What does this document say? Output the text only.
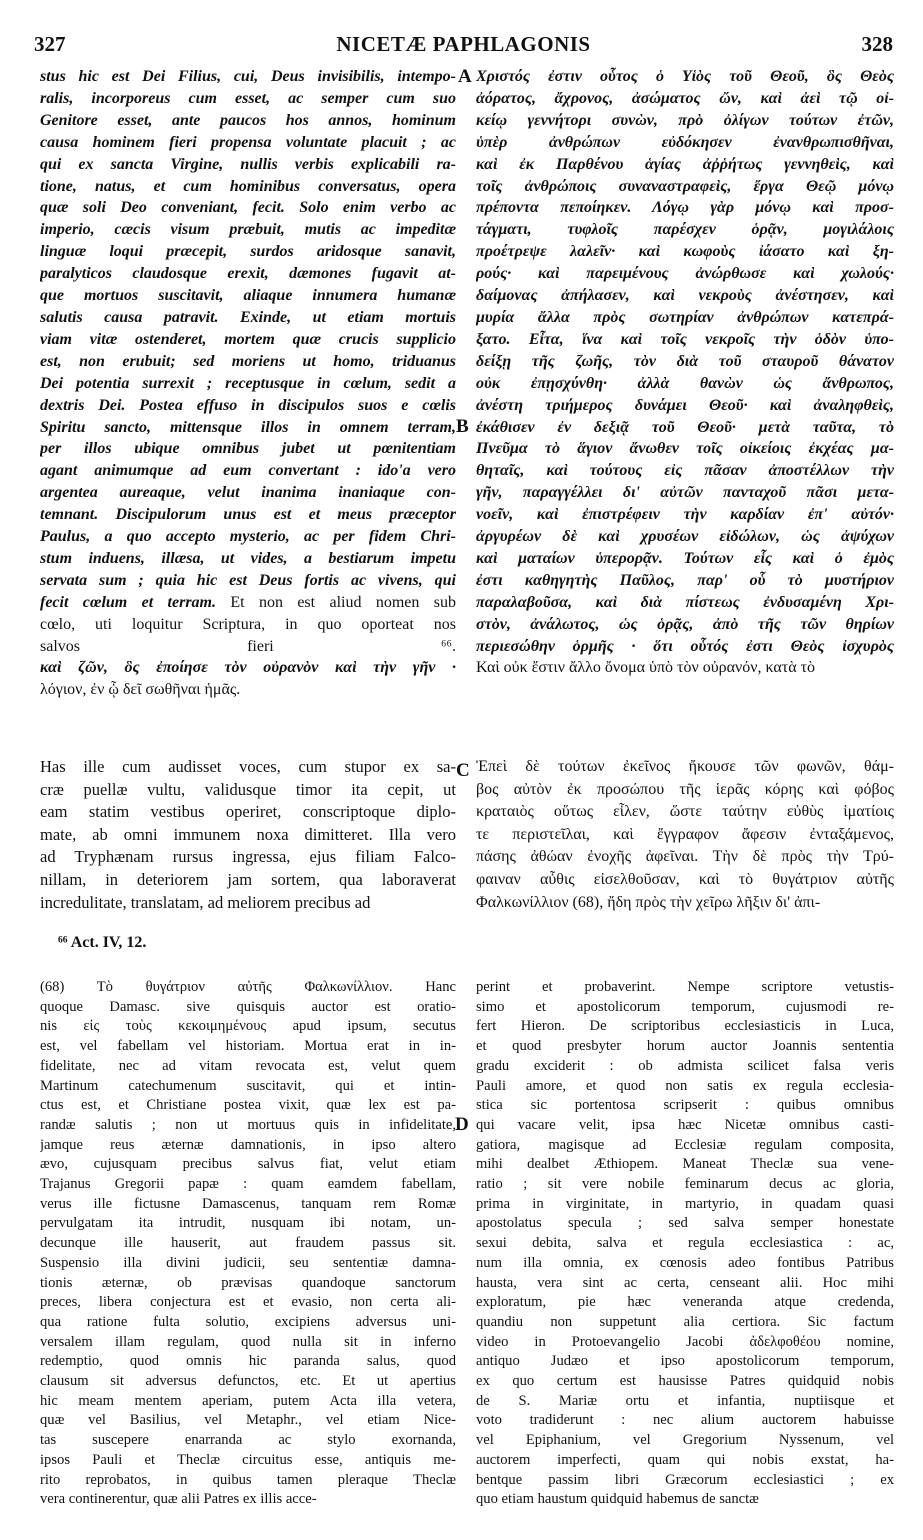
327	NICETÆ PAPHLAGONIS	328
A
B
C
D
stus hic est Dei Filius, cui, Deus invisibilis, intempo-
ralis, incorporeus cum esset, ac semper cum suo
Genitore esset, ante paucos hos annos, hominum
causa hominem fieri propensa voluntate placuit ; ac
qui ex sancta Virgine, nullis verbis explicabili ra-
tione, natus, et cum hominibus conversatus, opera
quæ soli Deo conveniant, fecit. Solo enim verbo ac
imperio, cæcis visum præbuit, mutis ac impeditæ
linguæ loqui præcepit, surdos aridosque sanavit,
paralyticos claudosque erexit, dæmones fugavit at-
que mortuos suscitavit, aliaque innumera humanæ
salutis causa patravit. Exinde, ut etiam mortuis
viam vitæ ostenderet, mortem quæ crucis supplicio
est, non erubuit; sed moriens ut homo, triduanus
Dei potentia surrexit ; receptusque in cœlum, sedit a
dextris Dei. Postea effuso in discipulos suos e cœlis
Spiritu sancto, mittensque illos in omnem terram,
per illos ubique omnibus jubet ut pœnitentiam
agant animumque ad eum convertant : ido'a vero
argentea aureaque, velut inanima inaniaque con-
temnant. Discipulorum unus est et meus præceptor
Paulus, a quo accepto mysterio, ac per fidem Chri-
stum induens, illæsa, ut vides, a bestiarum impetu
servata sum ; quia hic est Deus fortis ac vivens, qui
fecit cœlum et terram. Et non est aliud nomen sub
cœlo, uti loquitur Scriptura, in quo oporteat nos
salvos fieri ⁶⁶.
καὶ ζῶν, ὃς ἐποίησε τὸν οὐρανὸν καὶ τὴν γῆν ·
λόγιον, ἐν ᾧ δεῖ σωθῆναι ἡμᾶς.
Χριστός ἐστιν οὗτος ὁ Υἱὸς τοῦ Θεοῦ, ὃς Θεὸς
ἀόρατος, ἄχρονος, ἀσώματος ὤν, καὶ ἀεὶ τῷ οἰ-
κείῳ γεννήτορι συνὼν, πρὸ ὀλίγων τούτων ἐτῶν,
ὑπὲρ ἀνθρώπων εὐδόκησεν ἐνανθρωπισθῆναι,
καὶ ἐκ Παρθένου ἁγίας ἀῤῥήτως γεννηθεὶς, καὶ
τοῖς ἀνθρώποις συναναστραφεὶς, ἔργα Θεῷ μόνῳ
πρέποντα πεποίηκεν. Λόγῳ γὰρ μόνῳ καὶ προσ-
τάγματι, τυφλοῖς παρέσχεν ὁρᾷν, μογιλάλοις
προέτρεψε λαλεῖν· καὶ κωφοὺς ἰάσατο καὶ ξη-
ρούς· καὶ παρειμένους ἀνώρθωσε καὶ χωλούς·
δαίμονας ἀπήλασεν, καὶ νεκροὺς ἀνέστησεν, καὶ
μυρία ἄλλα πρὸς σωτηρίαν ἀνθρώπων κατεπρά-
ξατο. Εἶτα, ἵνα καὶ τοῖς νεκροῖς τὴν ὁδὸν ὑπο-
δείξῃ τῆς ζωῆς, τὸν διὰ τοῦ σταυροῦ θάνατον
οὐκ ἐπῃσχύνθη· ἀλλὰ θανὼν ὡς ἄνθρωπος,
ἀνέστη τριήμερος δυνάμει Θεοῦ· καὶ ἀναληφθεὶς,
ἐκάθισεν ἐν δεξιᾷ τοῦ Θεοῦ· μετὰ ταῦτα, τὸ
Πνεῦμα τὸ ἅγιον ἄνωθεν τοῖς οἰκείοις ἐκχέας μα-
θηταῖς, καὶ τούτους εἰς πᾶσαν ἀποστέλλων τὴν
γῆν, παραγγέλλει δι' αὐτῶν πανταχοῦ πᾶσι μετα-
νοεῖν, καὶ ἐπιστρέφειν τὴν καρδίαν ἐπ' αὐτόν·
ἀργυρέων δὲ καὶ χρυσέων εἰδώλων, ὡς ἀψύχων
καὶ ματαίων ὑπερορᾷν. Τούτων εἷς καὶ ὁ ἐμὸς
ἐστι καθηγητὴς Παῦλος, παρ' οὗ τὸ μυστήριον
παραλαβοῦσα, καὶ διὰ πίστεως ἐνδυσαμένη Χρι-
στὸν, ἀνάλωτος, ὡς ὁρᾷς, ἀπὸ τῆς τῶν θηρίων
περιεσώθην ὁρμῆς · ὅτι οὗτός ἐστι Θεὸς ἰσχυρὸς
Καὶ οὐκ ἔστιν ἄλλο ὄνομα ὑπὸ τὸν οὐρανόν, κατὰ τὸ
Has ille cum audisset voces, cum stupor ex sa-
cræ puellæ vultu, validusque timor ita cepit, ut
eam statim vestibus operiret, conscriptoque diplo-
mate, ab omni immunem noxa dimitteret. Illa vero
ad Tryphænam rursus ingressa, ejus filiam Falco-
nillam, in deteriorem jam sortem, qua laboraverat
incredulitate, translatam, ad meliorem precibus ad
Ἐπεὶ δὲ τούτων ἐκεῖνος ἤκουσε τῶν φωνῶν, θάμ-
βος αὐτὸν ἐκ προσώπου τῆς ἱερᾶς κόρης καὶ φόβος
κραταιὸς οὕτως εἷλεν, ὥστε ταύτην εὐθὺς ἱματίοις
τε περιστεῖλαι, καὶ ἔγγραφον ἄφεσιν ἐνταξάμενος,
πάσης ἀθώαν ἐνοχῆς ἀφεῖναι. Τὴν δὲ πρὸς τὴν Τρύ-
φαιναν αὖθις εἰσελθοῦσαν, καὶ τὸ θυγάτριον αὐτῆς
Φαλκωνίλλιον (68), ἤδη πρὸς τὴν χεῖρω λῆξιν δι' ἀπι-
⁶⁶ Act. IV, 12.
(68) Τὸ θυγάτριον αὐτῆς Φαλκωνίλλιον. Hanc
quoque Damasc. sive quisquis auctor est oratio-
nis εἰς τοὺς κεκοιμημένους apud ipsum, secutus
est, vel fabellam vel historiam. Mortua erat in in-
fidelitate, nec ad vitam revocata est, velut quem
Martinum catechumenum suscitavit, qui et intin-
ctus est, et Christiane postea vixit, quæ lex est pa-
randæ salutis ; non ut mortuus quis in infidelitate,
jamque reus æternæ damnationis, in ipso altero
ævo, cujusquam precibus salvus fiat, velut etiam
Trajanus Gregorii papæ : quam eamdem fabellam,
verus ille fictusne Damascenus, tanquam rem Romæ
pervulgatam ita intrudit, nusquam ibi notam, un-
decunque ille hauserit, aut fraudem passus sit.
Suspensio illa divini judicii, seu sententiæ damna-
tionis æternæ, ob prævisas quandoque sanctorum
preces, libera conjectura est et evasio, non certa ali-
qua ratione fulta solutio, excipiens adversus uni-
versalem illam regulam, quod nulla sit in inferno
redemptio, quod omnis hic paranda salus, quod
clausum sit adversus defunctos, etc. Et ut apertius
hic meam mentem aperiam, putem Acta illa vetera,
quæ vel Basilius, vel Metaphr., vel etiam Nice-
tas suscepere enarranda ac stylo exornanda,
ipsos Pauli et Theclæ circuitus esse, antiquis me-
rito reprobatos, in quibus tamen pleraque Theclæ
vera continerentur, quæ alii Patres ex illis acce-
perint et probaverint. Nempe scriptore vetustis-
simo et apostolicorum temporum, cujusmodi re-
fert Hieron. De scriptoribus ecclesiasticis in Luca,
et quod presbyter horum auctor Joannis sententia
gradu exciderit : ob admista scilicet falsa veris
Pauli amore, et quod non satis ex regula ecclesia-
stica sic portentosa scripserit : quibus omnibus
qui vacare velit, ipsa hæc Nicetæ omnibus casti-
gatiora, magisque ad Ecclesiæ regulam composita,
mihi dealbet Æthiopem. Maneat Theclæ sua vene-
ratio ; sit vere nobile feminarum decus ac gloria,
prima in virginitate, in martyrio, in quadam quasi
apostolatus specula ; sed salva semper honestate
sexui debita, salva et regula ecclesiastica : ac,
num illa omnia, ex cœnosis adeo fontibus Patribus
hausta, vera sint ac certa, censeant alii. Hoc mihi
exploratum, pie hæc veneranda atque credenda,
quandiu non suppetunt alia certiora. Sic factum
video in Protoevangelio Jacobi ἀδελφοθέου nomine,
antiquo Judæo et ipso apostolicorum temporum,
ex quo certum est hausisse Patres quidquid nobis
de S. Mariæ ortu et infantia, nuptiisque et
voto tradiderunt : nec alium auctorem habuisse
vel Epiphanium, vel Gregorium Nyssenum, vel
auctorem imperfecti, quam qui nobis exstat, ha-
bentque passim libri Græcorum ecclesiastici ; ex
quo etiam haustum quidquid habemus de sanctæ
